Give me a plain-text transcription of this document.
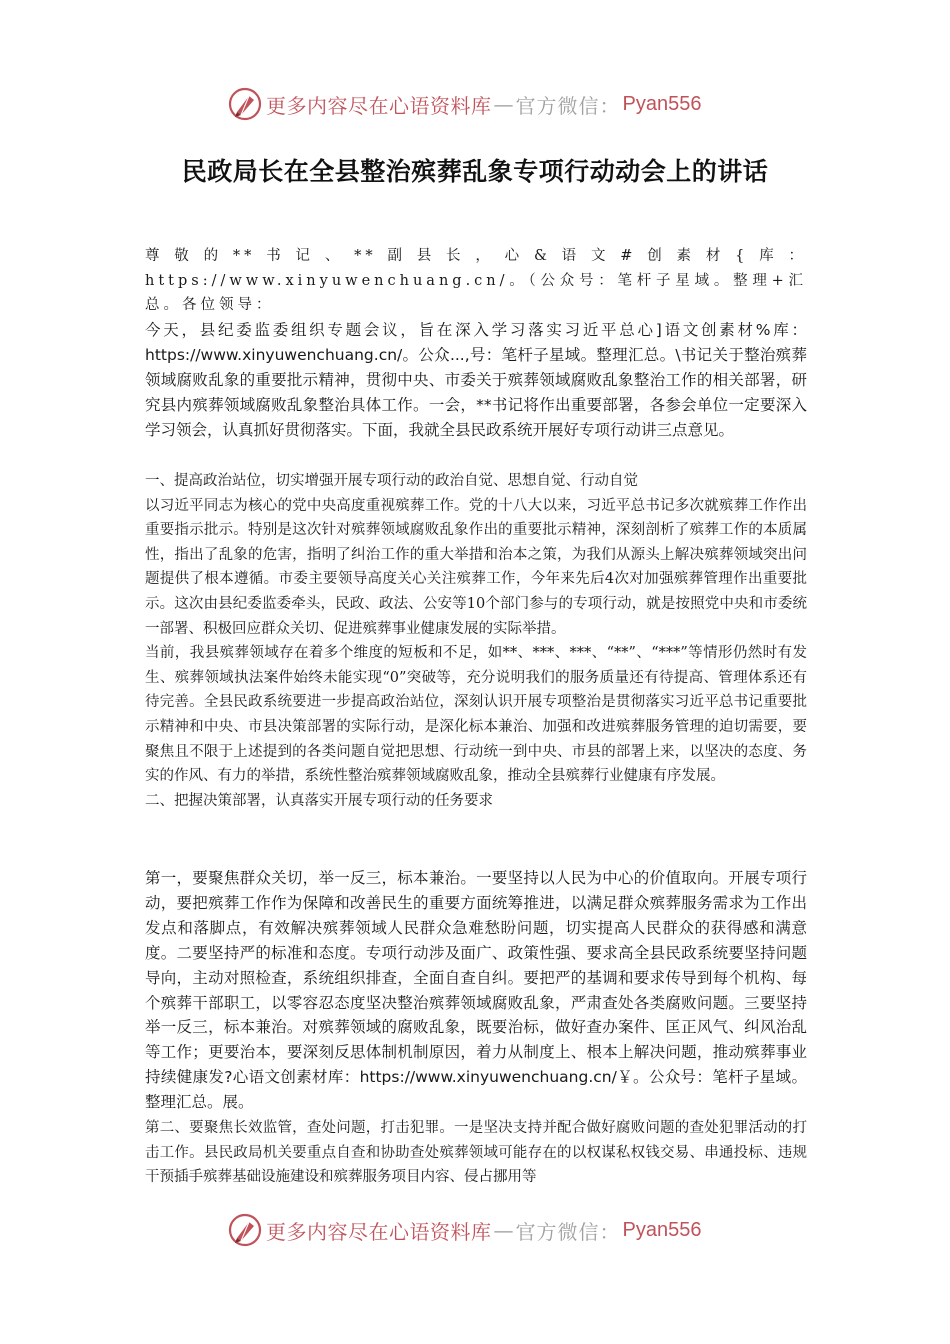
更多内容尽在心语资料库 — 官方微信： Pyan556
民政局长在全县整治殡葬乱象专项行动动会上的讲话

尊敬的**书记、**副县长，心&语文#创素材{库：https://www.xinyuwenchuang.cn/。（公众号：笔杆子星域。整理+汇总。各位领导：

今天，县纪委监委组织专题会议，旨在深入学习落实习近平总心]语文创素材%库：https://www.xinyuwenchuang.cn/。公众...,号：笔杆子星域。整理汇总。\书记关于整治殡葬领域腐败乱象的重要批示精神，贯彻中央、市委关于殡葬领域腐败乱象整治工作的相关部署，研究县内殡葬领域腐败乱象整治具体工作。一会，**书记将作出重要部署，各参会单位一定要深入学习领会，认真抓好贯彻落实。下面，我就全县民政系统开展好专项行动讲三点意见。

一、提高政治站位，切实增强开展专项行动的政治自觉、思想自觉、行动自觉

以习近平同志为核心的党中央高度重视殡葬工作。党的十八大以来，习近平总书记多次就殡葬工作作出重要指示批示。特别是这次针对殡葬领域腐败乱象作出的重要批示精神，深刻剖析了殡葬工作的本质属性，指出了乱象的危害，指明了纠治工作的重大举措和治本之策，为我们从源头上解决殡葬领域突出问题提供了根本遵循。市委主要领导高度关心关注殡葬工作，今年来先后4次对加强殡葬管理作出重要批示。这次由县纪委监委牵头，民政、政法、公安等10个部门参与的专项行动，就是按照党中央和市委统一部署、积极回应群众关切、促进殡葬事业健康发展的实际举措。

当前，我县殡葬领域存在着多个维度的短板和不足，如**、***、***、“**”、“***”等情形仍然时有发生、殡葬领域执法案件始终未能实现“0”突破等，充分说明我们的服务质量还有待提高、管理体系还有待完善。全县民政系统要进一步提高政治站位，深刻认识开展专项整治是贯彻落实习近平总书记重要批示精神和中央、市县决策部署的实际行动，是深化标本兼治、加强和改进殡葬服务管理的迫切需要，要聚焦且不限于上述提到的各类问题自觉把思想、行动统一到中央、市县的部署上来，以坚决的态度、务实的作风、有力的举措，系统性整治殡葬领域腐败乱象，推动全县殡葬行业健康有序发展。

二、把握决策部署，认真落实开展专项行动的任务要求

第一，要聚焦群众关切，举一反三，标本兼治。一要坚持以人民为中心的价值取向。开展专项行动，要把殡葬工作作为保障和改善民生的重要方面统筹推进，以满足群众殡葬服务需求为工作出发点和落脚点，有效解决殡葬领域人民群众急难愁盼问题，切实提高人民群众的获得感和满意度。二要坚持严的标准和态度。专项行动涉及面广、政策性强、要求高全县民政系统要坚持问题导向，主动对照检查，系统组织排查，全面自查自纠。要把严的基调和要求传导到每个机构、每个殡葬干部职工，以零容忍态度坚决整治殡葬领域腐败乱象，严肃查处各类腐败问题。三要坚持举一反三，标本兼治。对殡葬领域的腐败乱象，既要治标，做好查办案件、匡正风气、纠风治乱等工作；更要治本，要深刻反思体制机制原因，着力从制度上、根本上解决问题，推动殡葬事业持续健康发?心语文创素材库：https://www.xinyuwenchuang.cn/￥。公众号：笔杆子星域。整理汇总。展。

第二、要聚焦长效监管，查处问题，打击犯罪。一是坚决支持并配合做好腐败问题的查处犯罪活动的打击工作。县民政局机关要重点自查和协助查处殡葬领域可能存在的以权谋私权钱交易、串通投标、违规干预插手殡葬基础设施建设和殡葬服务项目内容、侵占挪用等

更多内容尽在心语资料库 — 官方微信： Pyan556
